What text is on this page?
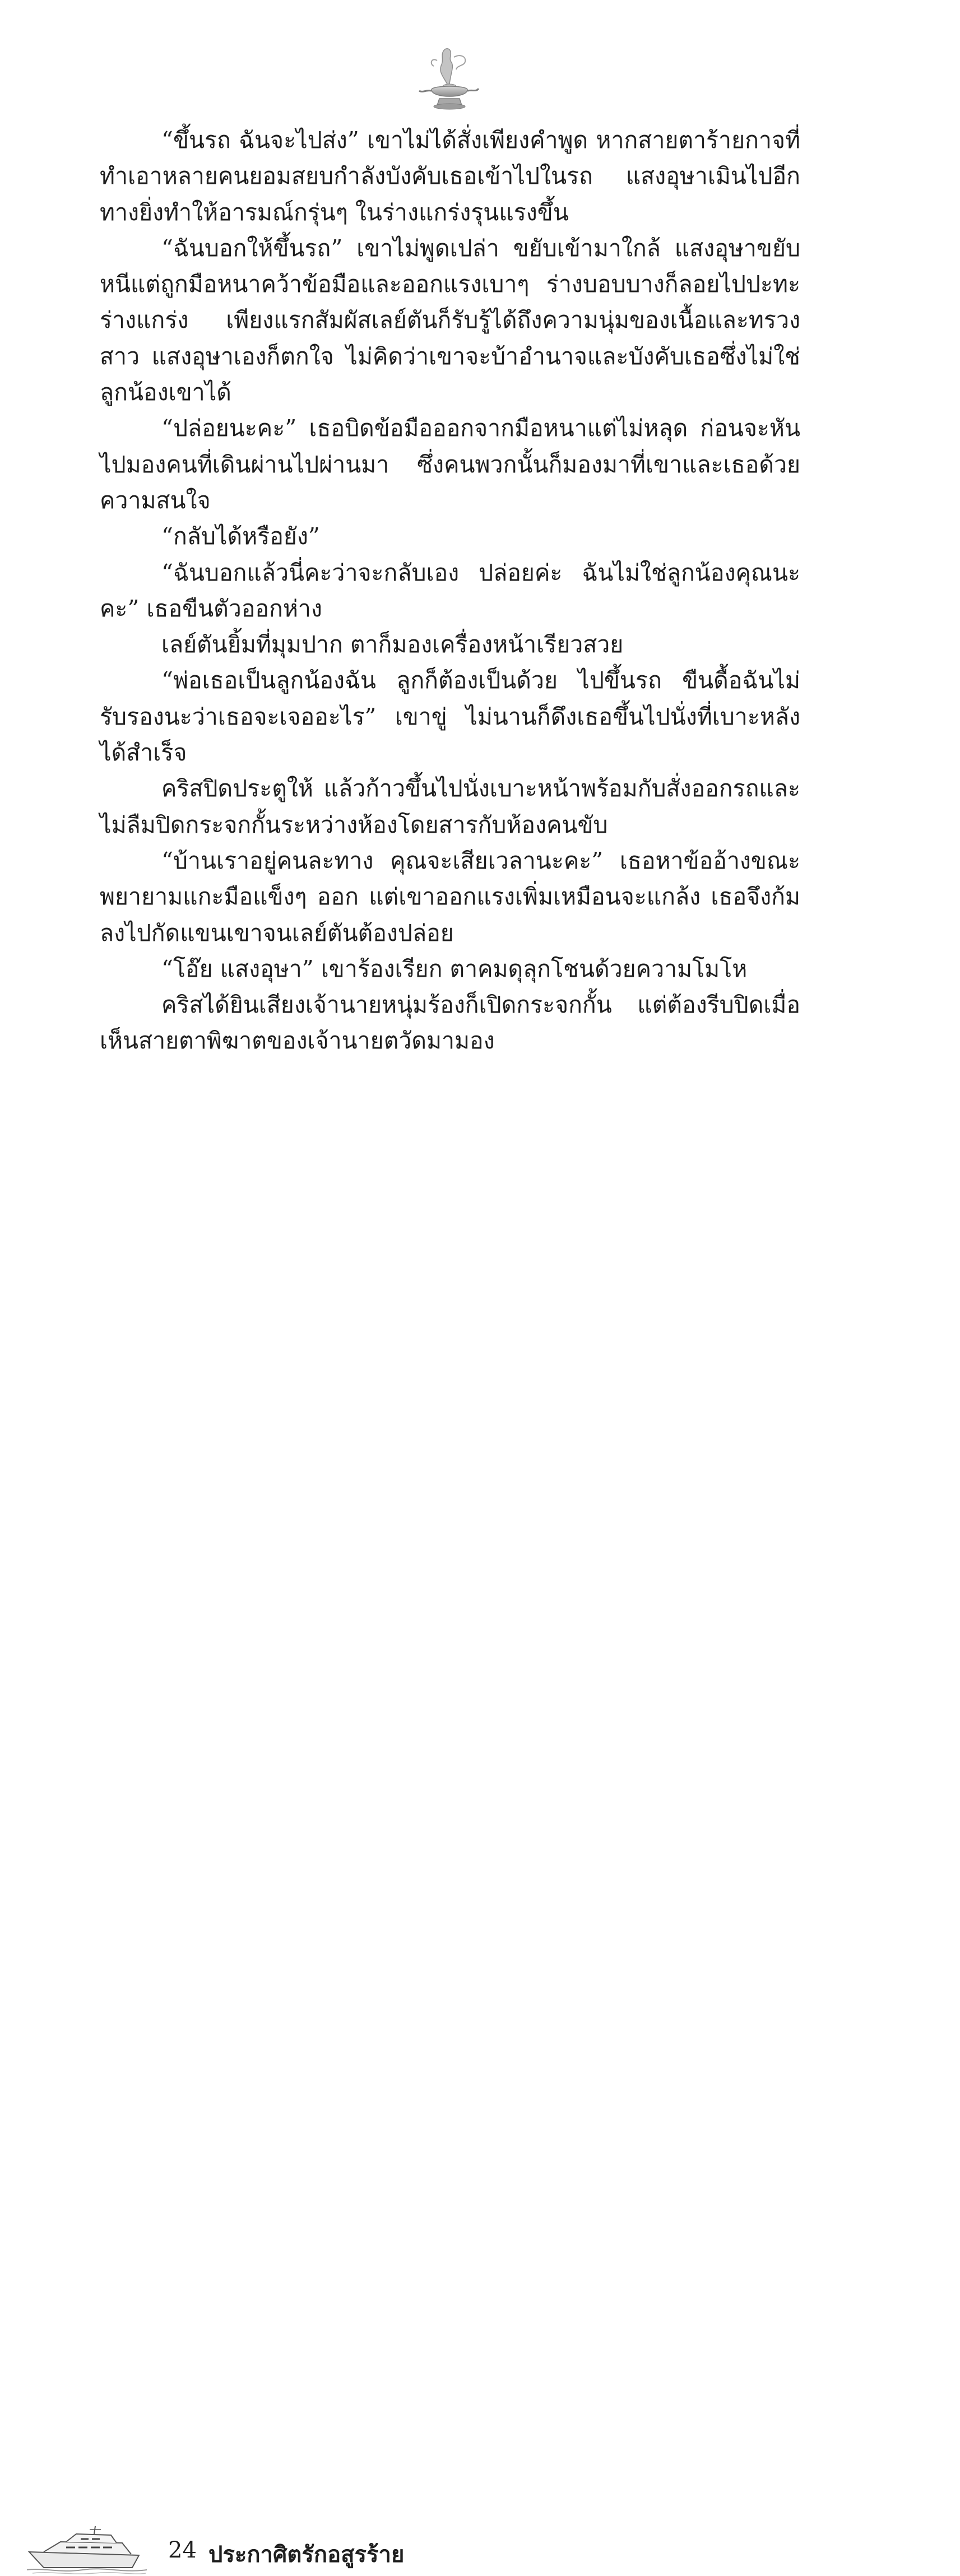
“ขึ้นรถ ฉันจะไปส่ง” เขาไม่ได้สั่งเพียงคำพูด หากสายตาร้ายกาจที่ทำเอาหลายคนยอมสยบกำลังบังคับเธอเข้าไปในรถ แสงอุษาเมินไปอีกทางยิ่งทำให้อารมณ์กรุ่นๆ ในร่างแกร่งรุนแรงขึ้น

“ฉันบอกให้ขึ้นรถ” เขาไม่พูดเปล่า ขยับเข้ามาใกล้ แสงอุษาขยับหนีแต่ถูกมือหนาคว้าข้อมือและออกแรงเบาๆ ร่างบอบบางก็ลอยไปปะทะร่างแกร่ง เพียงแรกสัมผัสเลย์ตันก็รับรู้ได้ถึงความนุ่มของเนื้อและทรวงสาว แสงอุษาเองก็ตกใจ ไม่คิดว่าเขาจะบ้าอำนาจและบังคับเธอซึ่งไม่ใช่ลูกน้องเขาได้

“ปล่อยนะคะ” เธอบิดข้อมือออกจากมือหนาแต่ไม่หลุด ก่อนจะหันไปมองคนที่เดินผ่านไปผ่านมา ซึ่งคนพวกนั้นก็มองมาที่เขาและเธอด้วยความสนใจ

“กลับได้หรือยัง”

“ฉันบอกแล้วนี่คะว่าจะกลับเอง ปล่อยค่ะ ฉันไม่ใช่ลูกน้องคุณนะคะ” เธอขืนตัวออกห่าง

เลย์ตันยิ้มที่มุมปาก ตาก็มองเครื่องหน้าเรียวสวย

“พ่อเธอเป็นลูกน้องฉัน ลูกก็ต้องเป็นด้วย ไปขึ้นรถ ขืนดื้อฉันไม่รับรองนะว่าเธอจะเจออะไร” เขาขู่ ไม่นานก็ดึงเธอขึ้นไปนั่งที่เบาะหลังได้สำเร็จ

คริสปิดประตูให้ แล้วก้าวขึ้นไปนั่งเบาะหน้าพร้อมกับสั่งออกรถและไม่ลืมปิดกระจกกั้นระหว่างห้องโดยสารกับห้องคนขับ

“บ้านเราอยู่คนละทาง คุณจะเสียเวลานะคะ” เธอหาข้ออ้างขณะพยายามแกะมือแข็งๆ ออก แต่เขาออกแรงเพิ่มเหมือนจะแกล้ง เธอจึงก้มลงไปกัดแขนเขาจนเลย์ตันต้องปล่อย

“โอ๊ย แสงอุษา” เขาร้องเรียก ตาคมดุลุกโชนด้วยความโมโห

คริสได้ยินเสียงเจ้านายหนุ่มร้องก็เปิดกระจกกั้น แต่ต้องรีบปิดเมื่อเห็นสายตาพิฆาตของเจ้านายตวัดมามอง

24 ประกาศิตรักอสูรร้าย
